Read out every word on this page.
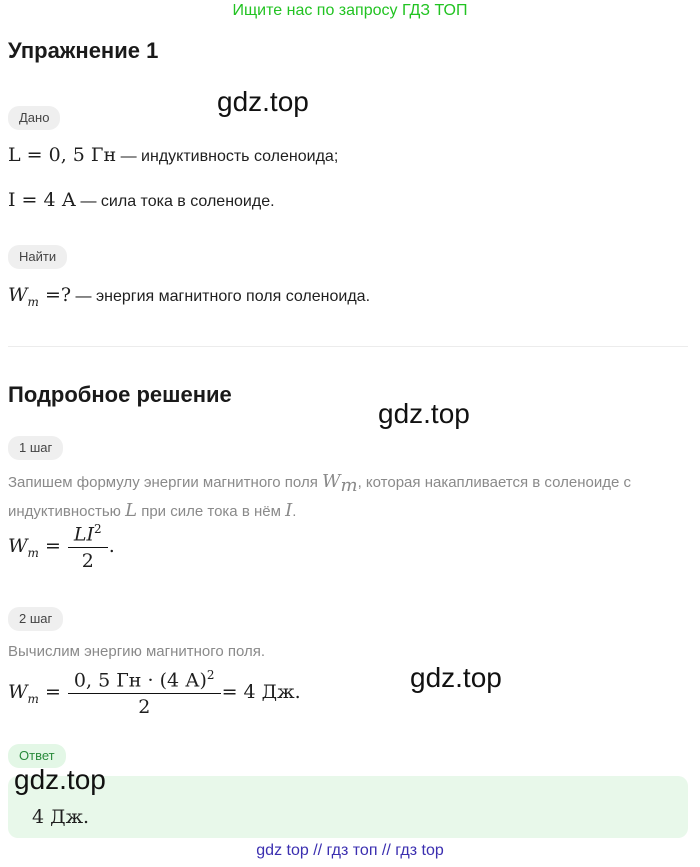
Ищите нас по запросу ГДЗ ТОП
Упражнение 1
gdz.top
Дано
L = 0, 5 Гн — индуктивность соленоида;
I = 4 А — сила тока в соленоиде.
Найти
$W_m$ =? — энергия магнитного поля соленоида.
Подробное решение
gdz.top
1 шаг
Запишем формулу энергии магнитного поля $W_m$, которая накапливается в соленоиде с
индуктивностью L при силе тока в нём I.
$W_m = \frac{LI^2}{2}$ .
2 шаг
Вычислим энергию магнитного поля.
$W_m = \frac{0, 5 Гн \cdot (4 А)^2}{2} = 4$ Дж.	gdz.top
Ответ
gdz.top
4 Дж.
gdz top // гдз топ // гдз top
